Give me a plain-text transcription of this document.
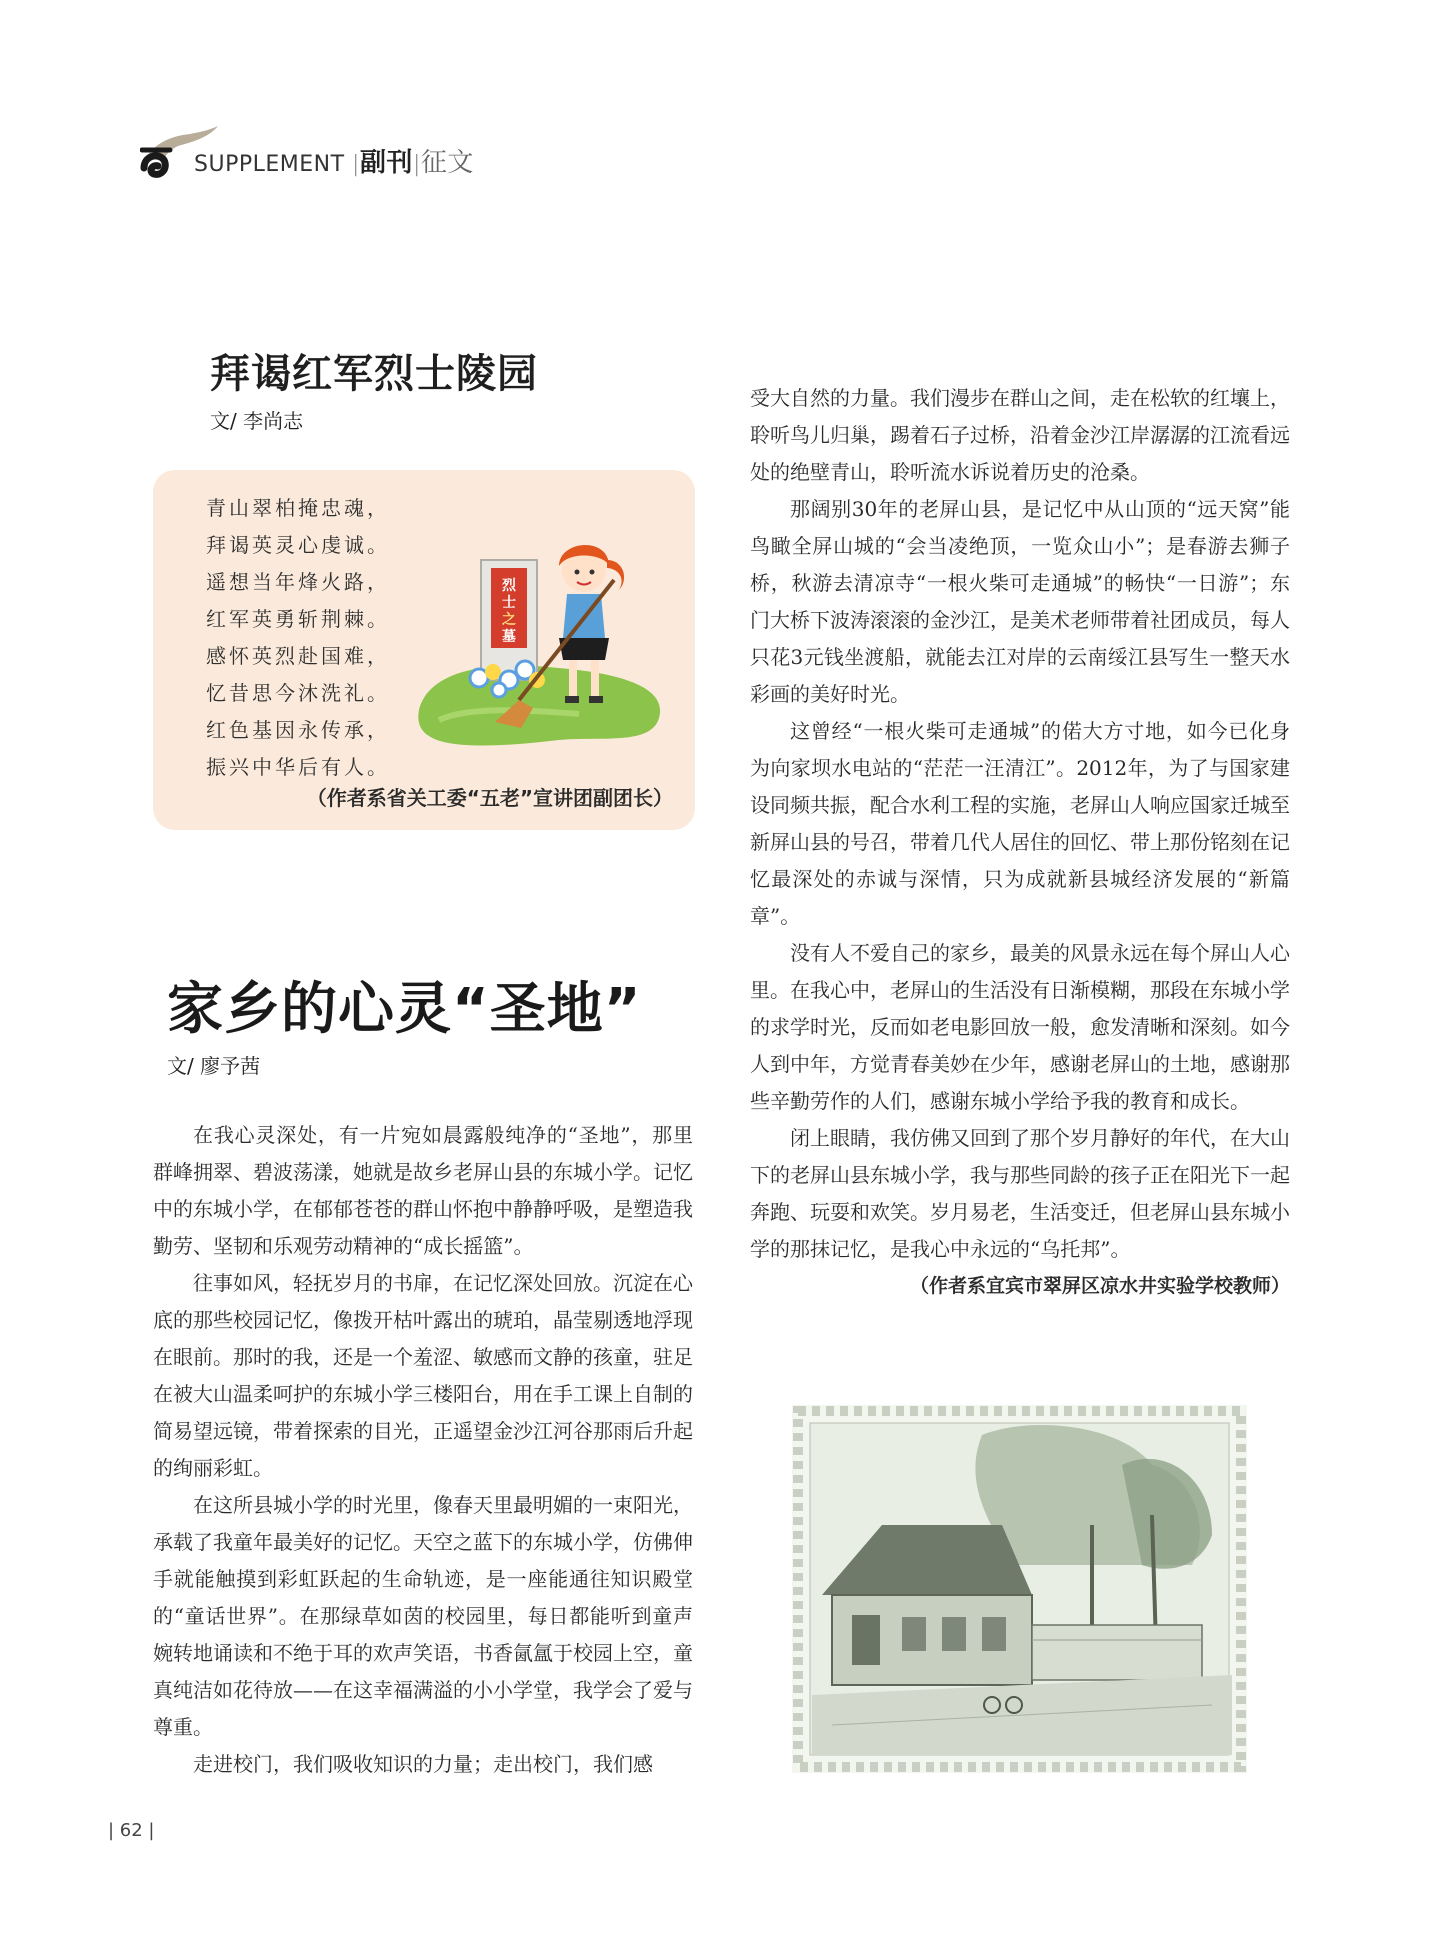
SUPPLEMENT |副刊|征文
拜谒红军烈士陵园
文/ 李尚志
青山翠柏掩忠魂，
拜谒英灵心虔诚。
遥想当年烽火路，
红军英勇斩荆棘。
感怀英烈赴国难，
忆昔思今沐洗礼。
红色基因永传承，
振兴中华后有人。
烈
士
之
墓
（作者系省关工委“五老”宣讲团副团长）
家乡的心灵“圣地”
文/ 廖予茜

在我心灵深处，有一片宛如晨露般纯净的“圣地”，那里群峰拥翠、碧波荡漾，她就是故乡老屏山县的东城小学。记忆中的东城小学，在郁郁苍苍的群山怀抱中静静呼吸，是塑造我勤劳、坚韧和乐观劳动精神的“成长摇篮”。

往事如风，轻抚岁月的书扉，在记忆深处回放。沉淀在心底的那些校园记忆，像拨开枯叶露出的琥珀，晶莹剔透地浮现在眼前。那时的我，还是一个羞涩、敏感而文静的孩童，驻足在被大山温柔呵护的东城小学三楼阳台，用在手工课上自制的简易望远镜，带着探索的目光，正遥望金沙江河谷那雨后升起的绚丽彩虹。

在这所县城小学的时光里，像春天里最明媚的一束阳光，承载了我童年最美好的记忆。天空之蓝下的东城小学，仿佛伸手就能触摸到彩虹跃起的生命轨迹，是一座能通往知识殿堂的“童话世界”。在那绿草如茵的校园里，每日都能听到童声婉转地诵读和不绝于耳的欢声笑语，书香氤氲于校园上空，童真纯洁如花待放——在这幸福满溢的小小学堂，我学会了爱与尊重。

走进校门，我们吸收知识的力量；走出校门，我们感

受大自然的力量。我们漫步在群山之间，走在松软的红壤上，聆听鸟儿归巢，踢着石子过桥，沿着金沙江岸潺潺的江流看远处的绝壁青山，聆听流水诉说着历史的沧桑。

那阔别30年的老屏山县，是记忆中从山顶的“远天窝”能鸟瞰全屏山城的“会当凌绝顶，一览众山小”；是春游去狮子桥，秋游去清凉寺“一根火柴可走通城”的畅快“一日游”；东门大桥下波涛滚滚的金沙江，是美术老师带着社团成员，每人只花3元钱坐渡船，就能去江对岸的云南绥江县写生一整天水彩画的美好时光。

这曾经“一根火柴可走通城”的偌大方寸地，如今已化身为向家坝水电站的“茫茫一汪清江”。2012年，为了与国家建设同频共振，配合水利工程的实施，老屏山人响应国家迁城至新屏山县的号召，带着几代人居住的回忆、带上那份铭刻在记忆最深处的赤诚与深情，只为成就新县城经济发展的“新篇章”。

没有人不爱自己的家乡，最美的风景永远在每个屏山人心里。在我心中，老屏山的生活没有日渐模糊，那段在东城小学的求学时光，反而如老电影回放一般，愈发清晰和深刻。如今人到中年，方觉青春美妙在少年，感谢老屏山的土地，感谢那些辛勤劳作的人们，感谢东城小学给予我的教育和成长。

闭上眼睛，我仿佛又回到了那个岁月静好的年代，在大山下的老屏山县东城小学，我与那些同龄的孩子正在阳光下一起奔跑、玩耍和欢笑。岁月易老，生活变迁，但老屏山县东城小学的那抹记忆，是我心中永远的“乌托邦”。
（作者系宜宾市翠屏区凉水井实验学校教师）

| 62 |
